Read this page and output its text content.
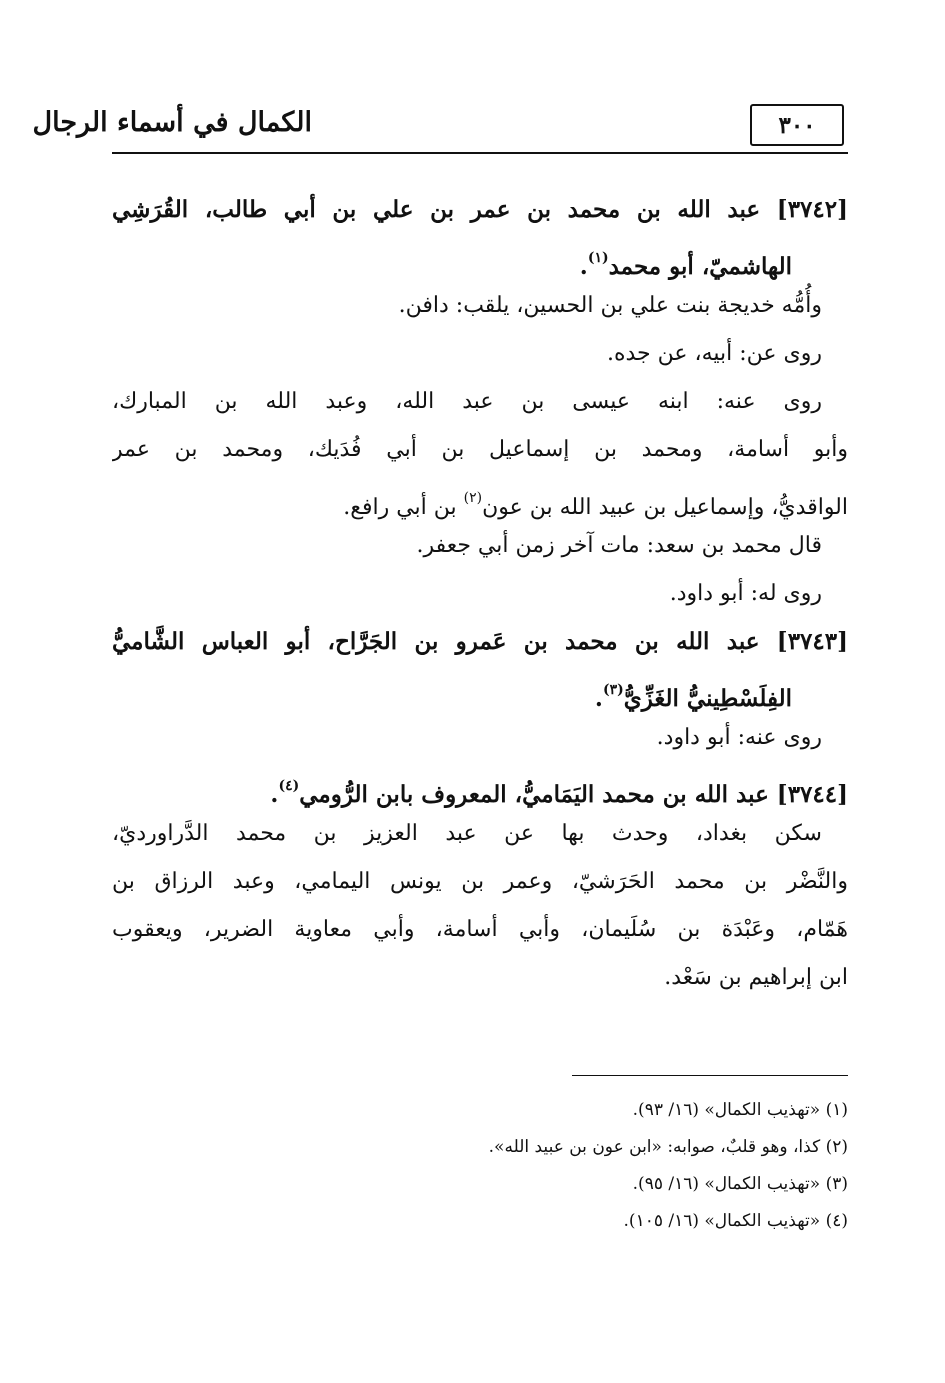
الكمال في أسماء الرجال	٣٠٠
[٣٧٤٢] عبد الله بن محمد بن عمر بن علي بن أبي طالب، القُرَشِي
الهاشميّ، أبو محمد$^{(١)}$.
وأُمُّه خديجة بنت علي بن الحسين، يلقب: دافن.
روى عن: أبيه، عن جده.
روى عنه: ابنه عيسى بن عبد الله، وعبد الله بن المبارك،
وأبو أسامة، ومحمد بن إسماعيل بن أبي فُدَيك، ومحمد بن عمر
الواقديُّ، وإسماعيل بن عبيد الله بن عون$^{(٢)}$ بن أبي رافع.
قال محمد بن سعد: مات آخر زمن أبي جعفر.
روى له: أبو داود.
[٣٧٤٣] عبد الله بن محمد بن عَمرو بن الجَرَّاح، أبو العباس الشَّاميُّ
الفِلَسْطِينيُّ الغَزِّيُّ$^{(٣)}$.
روى عنه: أبو داود.
[٣٧٤٤] عبد الله بن محمد اليَمَاميُّ، المعروف بابن الرُّومي$^{(٤)}$.
سكن بغداد، وحدث بها عن عبد العزيز بن محمد الدَّراورديّ،
والنَّضْر بن محمد الحَرَشيّ، وعمر بن يونس اليمامي، وعبد الرزاق بن
هَمّام، وعَبْدَة بن سُلَيمان، وأبي أسامة، وأبي معاوية الضرير، ويعقوب
ابن إبراهيم بن سَعْد.
(١) «تهذيب الكمال» (١٦/ ٩٣).
(٢) كذا، وهو قلبٌ، صوابه: «ابن عون بن عبيد الله».
(٣) «تهذيب الكمال» (١٦/ ٩٥).
(٤) «تهذيب الكمال» (١٦/ ١٠٥).
